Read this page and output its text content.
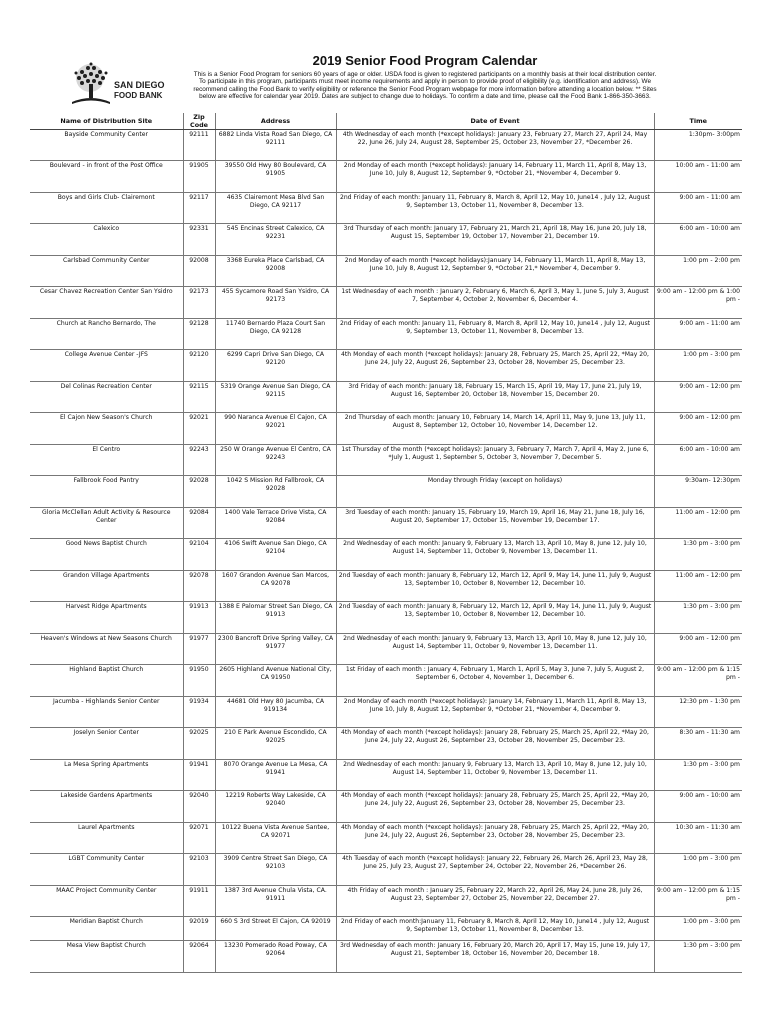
SAN DIEGO
FOOD BANK
2019 Senior Food Program Calendar
This is a Senior Food Program for seniors 60 years of age or older. USDA food is given to registered participants on a monthly basis at their local distribution center. To participate in this program, participants must meet income requirements and apply in person to provide proof of eligibility (e.g. identification and address). We recommend calling the Food Bank to verify eligibility or reference the Senior Food Program webpage for more information before attending a location below. ** Sites below are effective for calendar year 2019. Dates are subject to change due to holidays. To confirm a date and time, please call the Food Bank 1-866-350-3663.
Name of Distribution Site	Zip Code	Address	Date of Event	Time
Bayside Community Center	92111	6882 Linda Vista Road San Diego, CA 92111	4th Wednesday of each month (*except holidays): January 23, February 27, March 27, April 24, May 22, June 26, July 24, August 28, September 25, October 23, November 27, *December 26.	1:30pm- 3:00pm
Boulevard - in front of the Post Office	91905	39550 Old Hwy 80 Boulevard, CA 91905	2nd Monday of each month (*except holidays): January 14, February 11, March 11, April 8, May 13, June 10, July 8, August 12, September 9, *October 21, *November 4, December 9.	10:00 am - 11:00 am
Boys and Girls Club- Clairemont	92117	4635 Clairemont Mesa Blvd San Diego, CA 92117	2nd Friday of each month: January 11, February 8, March 8, April 12, May 10, June14 , July 12, August 9, September 13, October 11, November 8, December 13.	9:00 am - 11:00 am
Calexico	92331	545 Encinas Street Calexico, CA 92231	3rd Thursday of each month: January 17, February 21, March 21, April 18, May 16, June 20, July 18, August 15, September 19, October 17, November 21, December 19.	6:00 am - 10:00 am
Carlsbad Community Center	92008	3368 Eureka Place Carlsbad, CA 92008	2nd Monday of each month (*except holidays):January 14, February 11, March 11, April 8, May 13, June 10, July 8, August 12, September 9, *October 21,* November 4, December 9.	1:00 pm - 2:00 pm
Cesar Chavez Recreation Center San Ysidro	92173	455 Sycamore Road San Ysidro, CA 92173	1st Wednesday of each month : January 2, February 6, March 6, April 3, May 1, June 5, July 3, August 7, September 4, October 2, November 6, December 4.	9:00 am - 12:00 pm & 1:00 pm -
Church at Rancho Bernardo, The	92128	11740 Bernardo Plaza Court San Diego, CA 92128	2nd Friday of each month: January 11, February 8, March 8, April 12, May 10, June14 , July 12, August 9, September 13, October 11, November 8, December 13.	9:00 am - 11:00 am
College Avenue Center -JFS	92120	6299 Capri Drive San Diego, CA 92120	4th Monday of each month (*except holidays): January 28, February 25, March 25, April 22, *May 20, June 24, July 22, August 26, September 23, October 28, November 25, December 23.	1:00 pm - 3:00 pm
Del Colinas Recreation Center	92115	5319 Orange Avenue San Diego, CA 92115	3rd Friday of each month: January 18, February 15, March 15, April 19, May 17, June 21, July 19, August 16, September 20, October 18, November 15, December 20.	9:00 am - 12:00 pm
El Cajon New Season's Church	92021	990 Naranca Avenue El Cajon, CA 92021	2nd Thursday of each month: January 10, February 14, March 14, April 11, May 9, June 13, July 11, August 8, September 12, October 10, November 14, December 12.	9:00 am - 12:00 pm
El Centro	92243	250 W Orange Avenue El Centro, CA 92243	1st Thursday of the month (*except holidays): January 3, February 7, March 7, April 4, May 2, June 6, *July 1, August 1, September 5, October 3, November 7, December 5.	6:00 am - 10:00 am
Fallbrook Food Pantry	92028	1042 S Mission Rd Fallbrook, CA 92028	Monday through Friday (except on holidays)	9:30am- 12:30pm
Gloria McClellan Adult Activity & Resource Center	92084	1400 Vale Terrace Drive Vista, CA 92084	3rd Tuesday of each month: January 15, February 19, March 19, April 16, May 21, June 18, July 16, August 20, September 17, October 15, November 19, December 17.	11:00 am - 12:00 pm
Good News Baptist Church	92104	4106 Swift Avenue San Diego, CA 92104	2nd Wednesday of each month: January 9, February 13, March 13, April 10, May 8, June 12, July 10, August 14, September 11, October 9, November 13, December 11.	1:30 pm - 3:00 pm
Grandon Village Apartments	92078	1607 Grandon Avenue San Marcos, CA 92078	2nd Tuesday of each month: January 8, February 12, March 12, April 9, May 14, June 11, July 9, August 13, September 10, October 8, November 12, December 10.	11:00 am - 12:00 pm
Harvest Ridge Apartments	91913	1388 E Palomar Street San Diego, CA 91913	2nd Tuesday of each month: January 8, February 12, March 12, April 9, May 14, June 11, July 9, August 13, September 10, October 8, November 12, December 10.	1:30 pm - 3:00 pm
Heaven's Windows at New Seasons Church	91977	2300 Bancroft Drive Spring Valley, CA 91977	2nd Wednesday of each month: January 9, February 13, March 13, April 10, May 8, June 12, July 10, August 14, September 11, October 9, November 13, December 11.	9:00 am - 12:00 pm
Highland Baptist Church	91950	2605 Highland Avenue National City, CA 91950	1st Friday of each month : January 4, February 1, March 1, April 5, May 3, June 7, July 5, August 2, September 6, October 4, November 1, December 6.	9:00 am - 12:00 pm & 1:15 pm -
Jacumba - Highlands Senior Center	91934	44681 Old Hwy 80 Jacumba, CA 919134	2nd Monday of each month (*except holidays): January 14, February 11, March 11, April 8, May 13, June 10, July 8, August 12, September 9, *October 21, *November 4, December 9.	12:30 pm - 1:30 pm
Joselyn Senior Center	92025	210 E Park Avenue Escondido, CA 92025	4th Monday of each month (*except holidays): January 28, February 25, March 25, April 22, *May 20, June 24, July 22, August 26, September 23, October 28, November 25, December 23.	8:30 am - 11:30 am
La Mesa Spring Apartments	91941	8070 Orange Avenue La Mesa, CA 91941	2nd Wednesday of each month: January 9, February 13, March 13, April 10, May 8, June 12, July 10, August 14, September 11, October 9, November 13, December 11.	1:30 pm - 3:00 pm
Lakeside Gardens Apartments	92040	12219 Roberts Way Lakeside, CA 92040	4th Monday of each month (*except holidays): January 28, February 25, March 25, April 22, *May 20, June 24, July 22, August 26, September 23, October 28, November 25, December 23.	9:00 am - 10:00 am
Laurel Apartments	92071	10122 Buena Vista Avenue Santee, CA 92071	4th Monday of each month (*except holidays): January 28, February 25, March 25, April 22, *May 20, June 24, July 22, August 26, September 23, October 28, November 25, December 23.	10:30 am - 11:30 am
LGBT Community Center	92103	3909 Centre Street San Diego, CA 92103	4th Tuesday of each month (*except holidays): January 22, February 26, March 26, April 23, May 28, June 25, July 23, August 27, September 24, October 22, November 26, *December 26.	1:00 pm - 3:00 pm
MAAC Project Community Center	91911	1387 3rd Avenue Chula Vista, CA. 91911	4th Friday of each month : January 25, February 22, March 22, April 26, May 24, June 28, July 26, August 23, September 27, October 25, November 22, December 27.	9:00 am - 12:00 pm & 1:15 pm -
Meridian Baptist Church	92019	660 S 3rd Street El Cajon, CA 92019	2nd Friday of each month:January 11, February 8, March 8, April 12, May 10, June14 , July 12, August 9, September 13, October 11, November 8, December 13.	1:00 pm - 3:00 pm
Mesa View Baptist Church	92064	13230 Pomerado Road Poway, CA 92064	3rd Wednesday of each month: January 16, February 20, March 20, April 17, May 15, June 19, July 17, August 21, September 18, October 16, November 20, December 18.	1:30 pm - 3:00 pm
